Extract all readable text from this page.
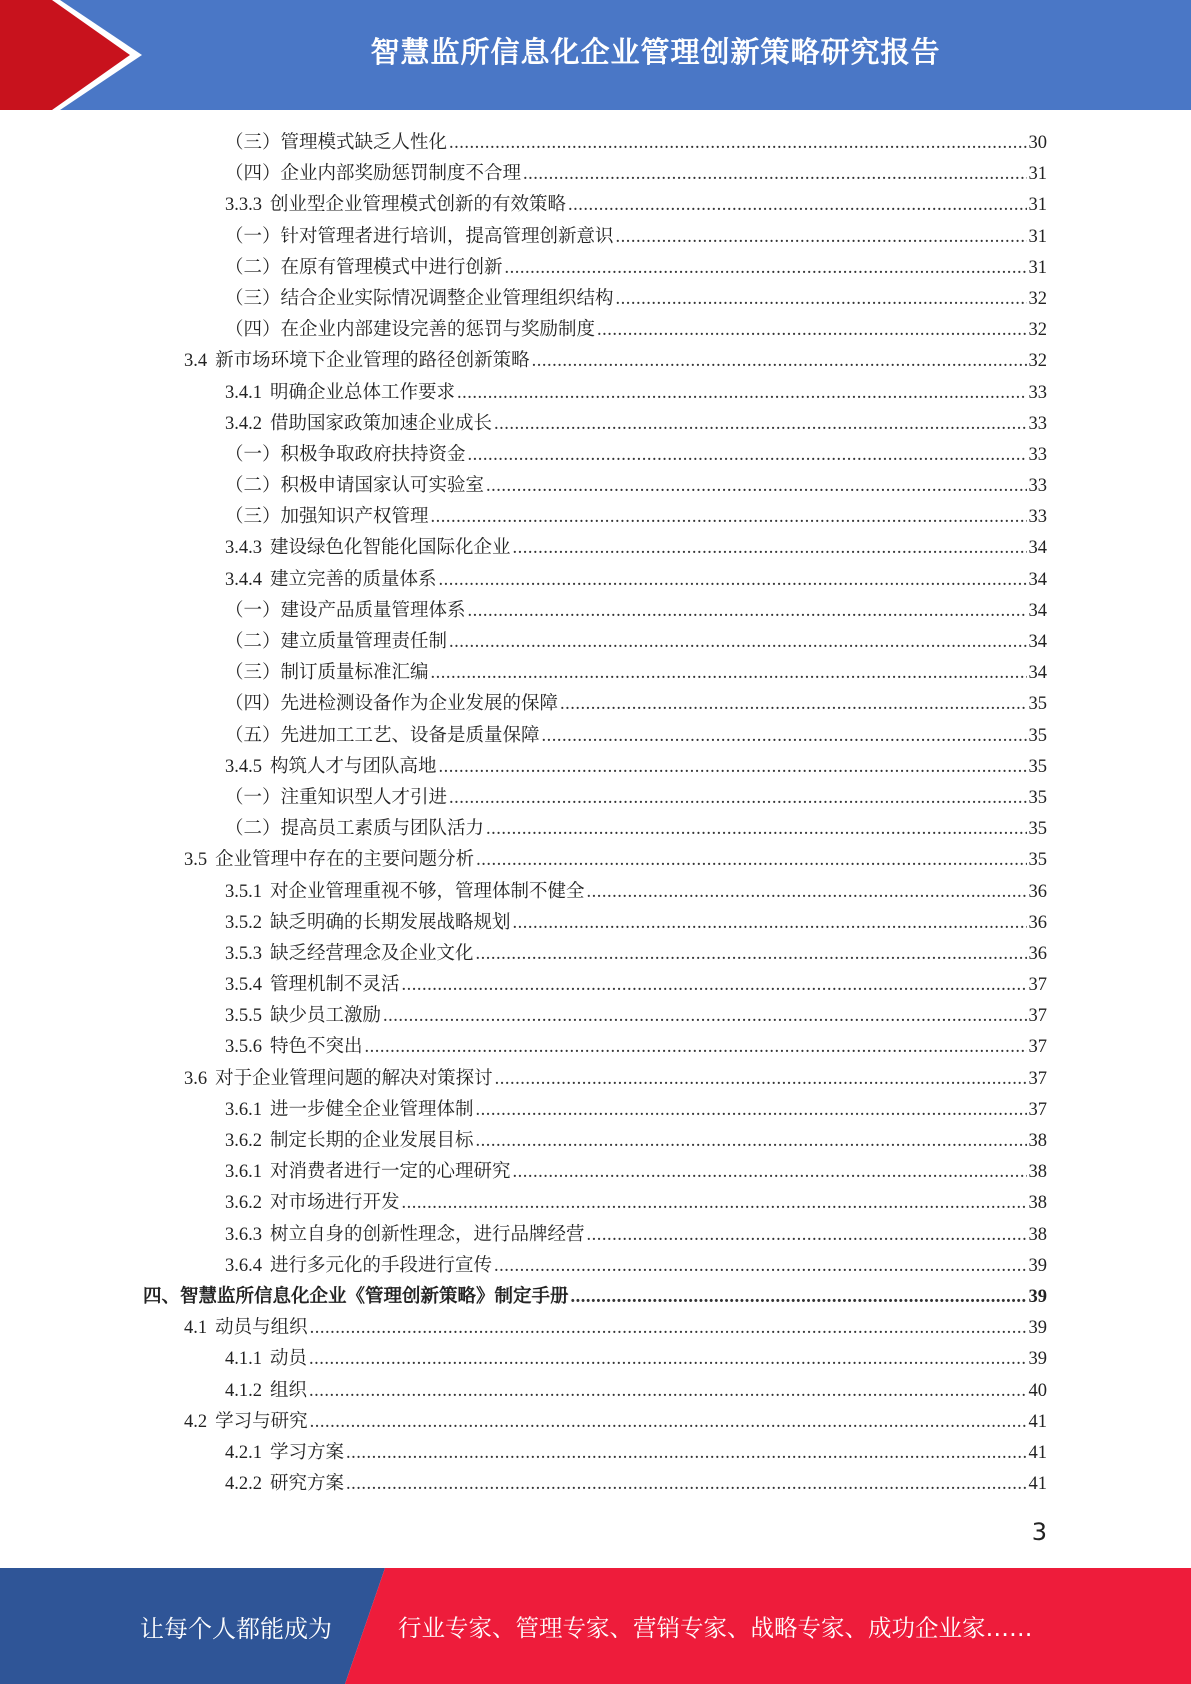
智慧监所信息化企业管理创新策略研究报告
（三）管理模式缺乏人性化 .....	30
（四）企业内部奖励惩罚制度不合理 .....	31
3.3.3 创业型企业管理模式创新的有效策略 .....	31
（一）针对管理者进行培训，提高管理创新意识 .....	31
（二）在原有管理模式中进行创新 .....	31
（三）结合企业实际情况调整企业管理组织结构 .....	32
（四）在企业内部建设完善的惩罚与奖励制度 .....	32
3.4 新市场环境下企业管理的路径创新策略 .....	32
3.4.1 明确企业总体工作要求 .....	33
3.4.2 借助国家政策加速企业成长 .....	33
（一）积极争取政府扶持资金 .....	33
（二）积极申请国家认可实验室 .....	33
（三）加强知识产权管理 .....	33
3.4.3 建设绿色化智能化国际化企业 .....	34
3.4.4 建立完善的质量体系 .....	34
（一）建设产品质量管理体系 .....	34
（二）建立质量管理责任制 .....	34
（三）制订质量标准汇编 .....	34
（四）先进检测设备作为企业发展的保障 .....	35
（五）先进加工工艺、设备是质量保障 .....	35
3.4.5 构筑人才与团队高地 .....	35
（一）注重知识型人才引进 .....	35
（二）提高员工素质与团队活力 .....	35
3.5 企业管理中存在的主要问题分析 .....	35
3.5.1 对企业管理重视不够，管理体制不健全 .....	36
3.5.2 缺乏明确的长期发展战略规划 .....	36
3.5.3 缺乏经营理念及企业文化 .....	36
3.5.4 管理机制不灵活 .....	37
3.5.5 缺少员工激励 .....	37
3.5.6 特色不突出 .....	37
3.6 对于企业管理问题的解决对策探讨 .....	37
3.6.1 进一步健全企业管理体制 .....	37
3.6.2 制定长期的企业发展目标 .....	38
3.6.1 对消费者进行一定的心理研究 .....	38
3.6.2 对市场进行开发 .....	38
3.6.3 树立自身的创新性理念，进行品牌经营 .....	38
3.6.4 进行多元化的手段进行宣传 .....	39
四、智慧监所信息化企业《管理创新策略》制定手册 .....	39
4.1 动员与组织 .....	39
4.1.1 动员 .....	39
4.1.2 组织 .....	40
4.2 学习与研究 .....	41
4.2.1 学习方案 .....	41
4.2.2 研究方案 .....	41
3
让每个人都能成为	行业专家、管理专家、营销专家、战略专家、成功企业家……
